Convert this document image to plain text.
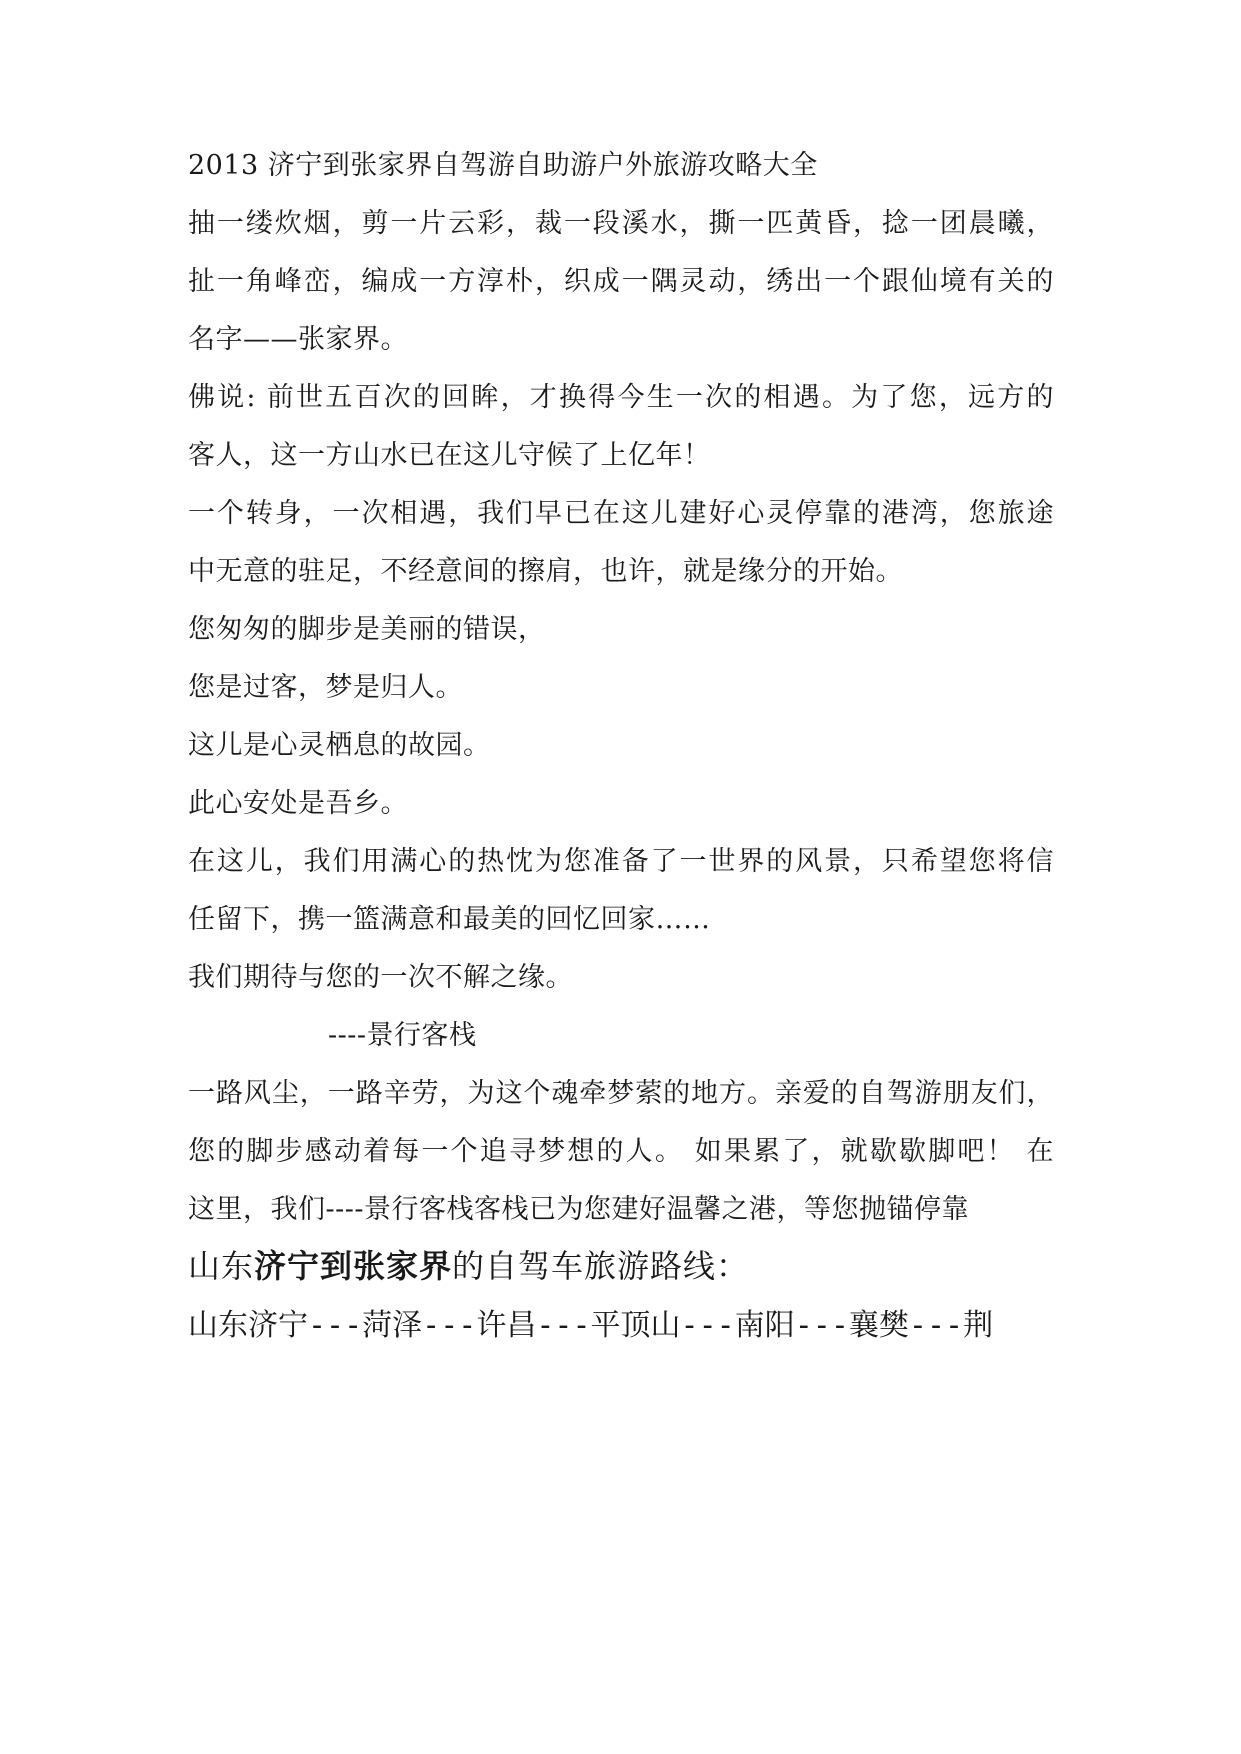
2013 济宁到张家界自驾游自助游户外旅游攻略大全
抽一缕炊烟，剪一片云彩，裁一段溪水，撕一匹黄昏，捻一团晨曦，
扯一角峰峦，编成一方淳朴，织成一隅灵动，绣出一个跟仙境有关的
名字——张家界。
佛说: 前世五百次的回眸，才换得今生一次的相遇。为了您，远方的
客人，这一方山水已在这儿守候了上亿年！
一个转身，一次相遇，我们早已在这儿建好心灵停靠的港湾，您旅途
中无意的驻足，不经意间的擦肩，也许，就是缘分的开始。
您匆匆的脚步是美丽的错误，
您是过客，梦是归人。
这儿是心灵栖息的故园。
此心安处是吾乡。
在这儿，我们用满心的热忱为您准备了一世界的风景，只希望您将信
任留下，携一篮满意和最美的回忆回家……
我们期待与您的一次不解之缘。
----景行客栈
一路风尘，一路辛劳，为这个魂牵梦萦的地方。亲爱的自驾游朋友们，
您的脚步感动着每一个追寻梦想的人。 如果累了，就歇歇脚吧！ 在
这里，我们----景行客栈客栈已为您建好温馨之港，等您抛锚停靠
山东济宁到张家界的自驾车旅游路线：
山东济宁---菏泽---许昌---平顶山---南阳---襄樊---荆
